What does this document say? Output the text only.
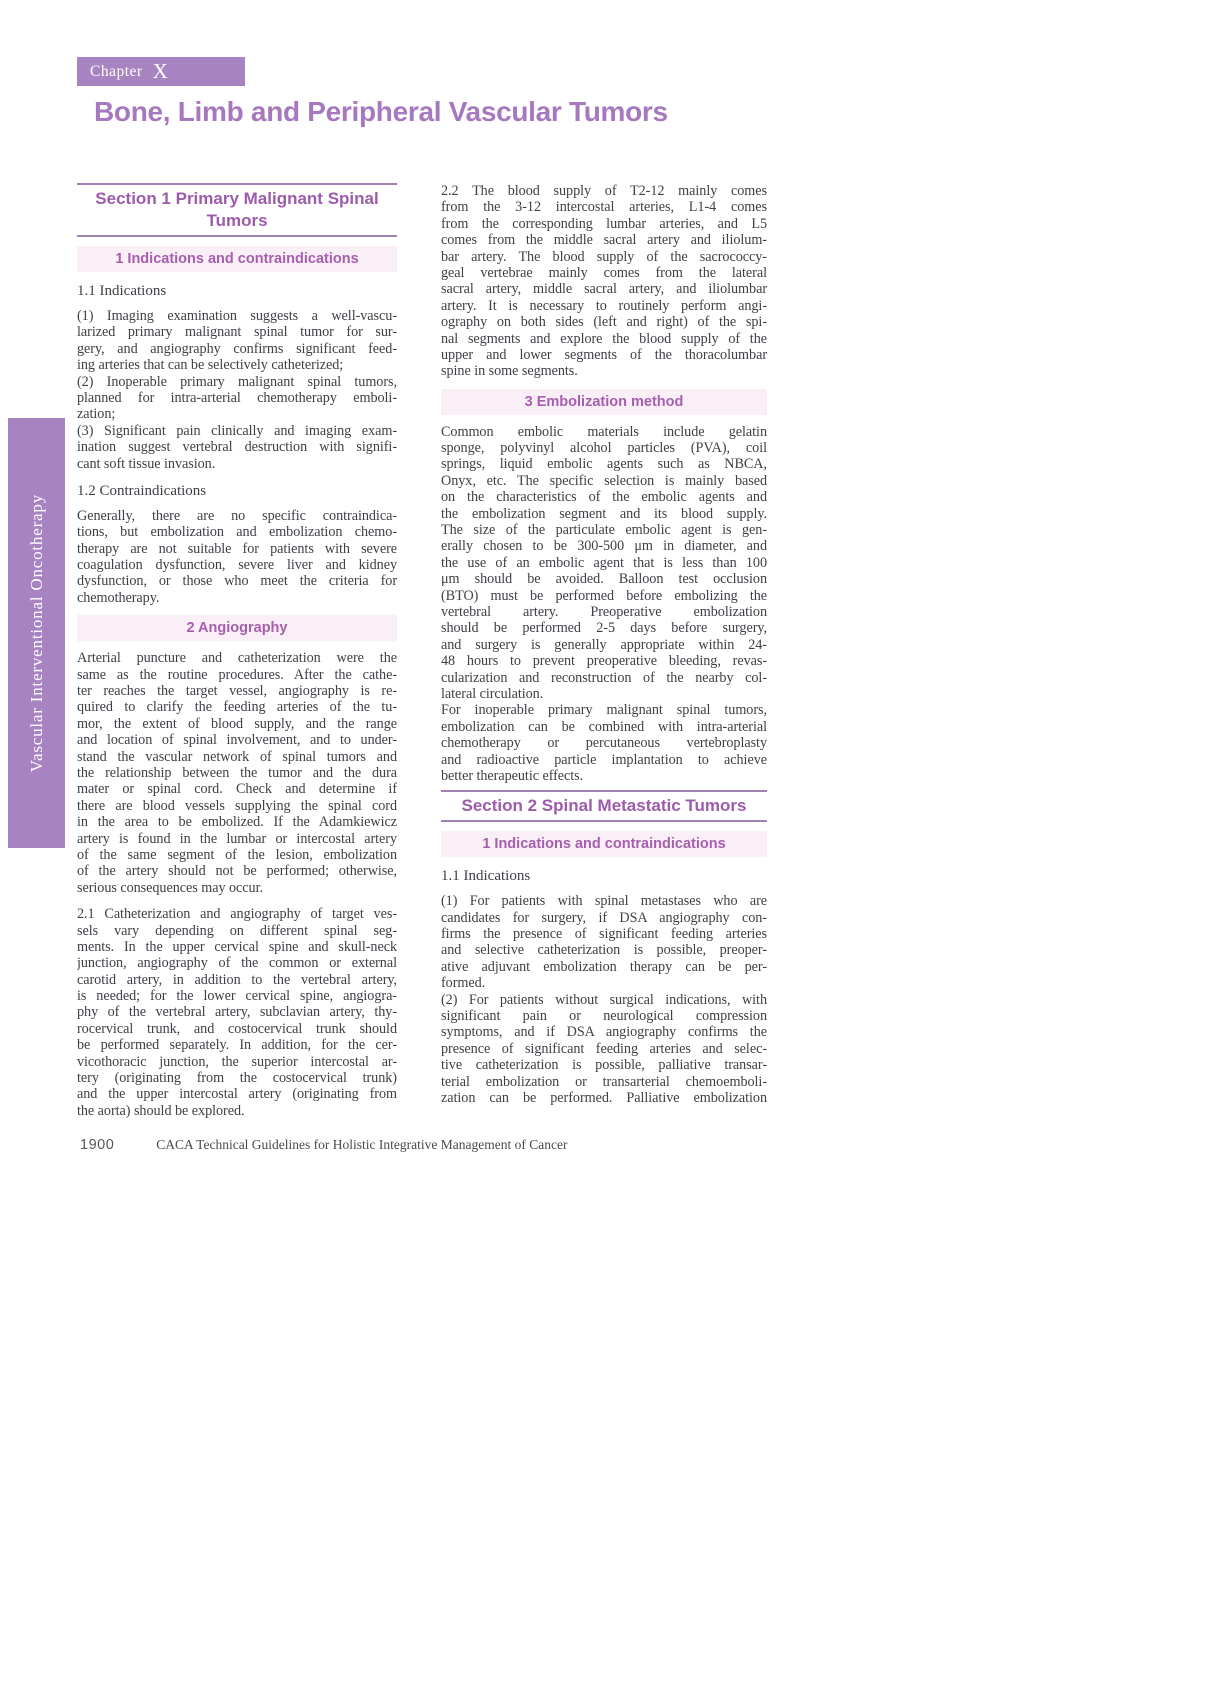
Chapter X
Bone, Limb and Peripheral Vascular Tumors
Vascular Interventional Oncotherapy
Section 1 Primary Malignant Spinal
Tumors
1 Indications and contraindications
1.1 Indications
(1) Imaging examination suggests a well-vascu-
larized primary malignant spinal tumor for sur-
gery, and angiography confirms significant feed-
ing arteries that can be selectively catheterized;
(2) Inoperable primary malignant spinal tumors,
planned for intra-arterial chemotherapy emboli-
zation;
(3) Significant pain clinically and imaging exam-
ination suggest vertebral destruction with signifi-
cant soft tissue invasion.
1.2 Contraindications
Generally, there are no specific contraindica-
tions, but embolization and embolization chemo-
therapy are not suitable for patients with severe
coagulation dysfunction, severe liver and kidney
dysfunction, or those who meet the criteria for
chemotherapy.
2 Angiography
Arterial puncture and catheterization were the
same as the routine procedures. After the cathe-
ter reaches the target vessel, angiography is re-
quired to clarify the feeding arteries of the tu-
mor, the extent of blood supply, and the range
and location of spinal involvement, and to under-
stand the vascular network of spinal tumors and
the relationship between the tumor and the dura
mater or spinal cord. Check and determine if
there are blood vessels supplying the spinal cord
in the area to be embolized. If the Adamkiewicz
artery is found in the lumbar or intercostal artery
of the same segment of the lesion, embolization
of the artery should not be performed; otherwise,
serious consequences may occur.
2.1 Catheterization and angiography of target ves-
sels vary depending on different spinal seg-
ments. In the upper cervical spine and skull-neck
junction, angiography of the common or external
carotid artery, in addition to the vertebral artery,
is needed; for the lower cervical spine, angiogra-
phy of the vertebral artery, subclavian artery, thy-
rocervical trunk, and costocervical trunk should
be performed separately. In addition, for the cer-
vicothoracic junction, the superior intercostal ar-
tery (originating from the costocervical trunk)
and the upper intercostal artery (originating from
the aorta) should be explored.
2.2 The blood supply of T2-12 mainly comes
from the 3-12 intercostal arteries, L1-4 comes
from the corresponding lumbar arteries, and L5
comes from the middle sacral artery and iliolum-
bar artery. The blood supply of the sacrococcy-
geal vertebrae mainly comes from the lateral
sacral artery, middle sacral artery, and iliolumbar
artery. It is necessary to routinely perform angi-
ography on both sides (left and right) of the spi-
nal segments and explore the blood supply of the
upper and lower segments of the thoracolumbar
spine in some segments.
3 Embolization method
Common embolic materials include gelatin
sponge, polyvinyl alcohol particles (PVA), coil
springs, liquid embolic agents such as NBCA,
Onyx, etc. The specific selection is mainly based
on the characteristics of the embolic agents and
the embolization segment and its blood supply.
The size of the particulate embolic agent is gen-
erally chosen to be 300-500 μm in diameter, and
the use of an embolic agent that is less than 100
μm should be avoided. Balloon test occlusion
(BTO) must be performed before embolizing the
vertebral artery. Preoperative embolization
should be performed 2-5 days before surgery,
and surgery is generally appropriate within 24-
48 hours to prevent preoperative bleeding, revas-
cularization and reconstruction of the nearby col-
lateral circulation.
For inoperable primary malignant spinal tumors,
embolization can be combined with intra-arterial
chemotherapy or percutaneous vertebroplasty
and radioactive particle implantation to achieve
better therapeutic effects.
Section 2 Spinal Metastatic Tumors
1 Indications and contraindications
1.1 Indications
(1) For patients with spinal metastases who are
candidates for surgery, if DSA angiography con-
firms the presence of significant feeding arteries
and selective catheterization is possible, preoper-
ative adjuvant embolization therapy can be per-
formed.
(2) For patients without surgical indications, with
significant pain or neurological compression
symptoms, and if DSA angiography confirms the
presence of significant feeding arteries and selec-
tive catheterization is possible, palliative transar-
terial embolization or transarterial chemoemboli-
zation can be performed. Palliative embolization
1900	CACA Technical Guidelines for Holistic Integrative Management of Cancer
